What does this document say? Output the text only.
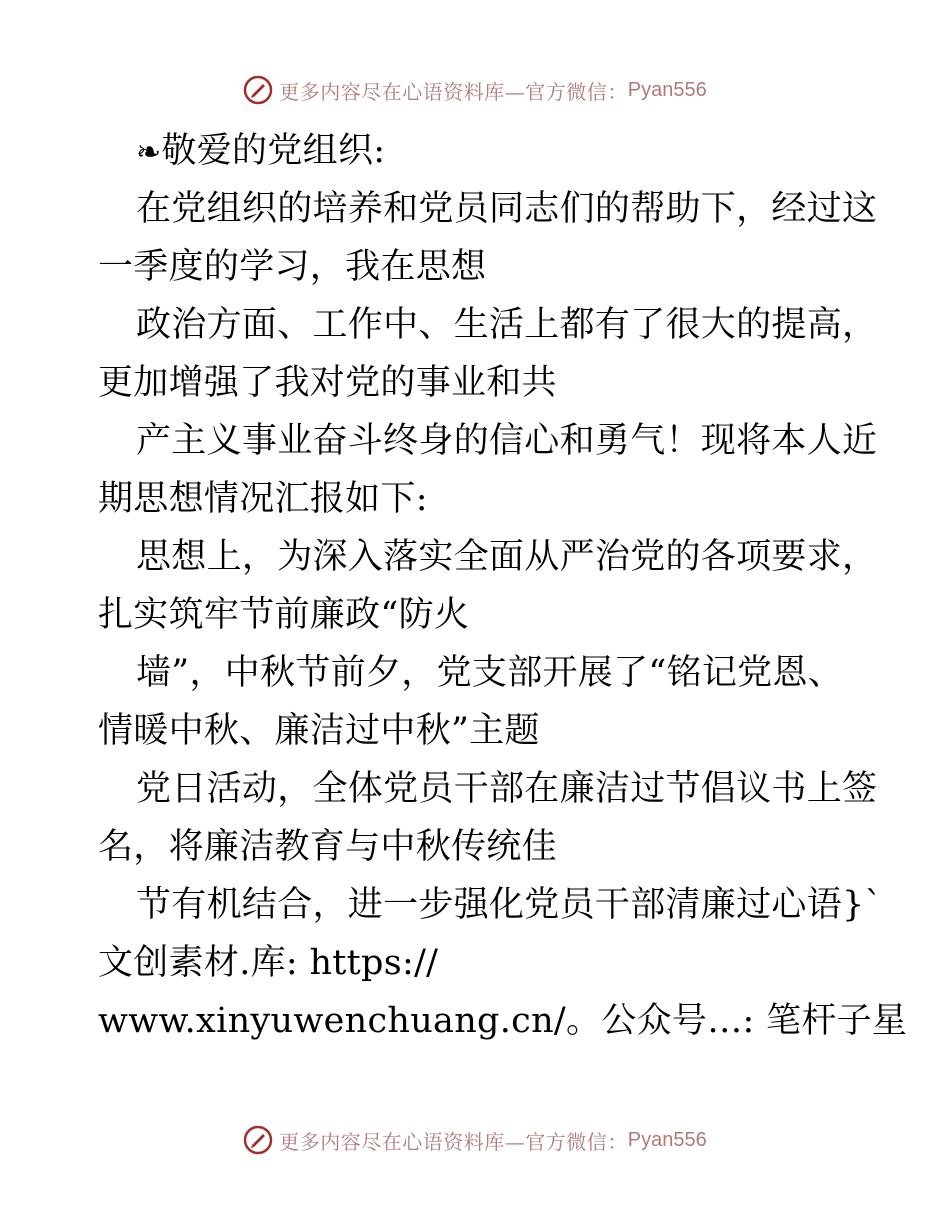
更多内容尽在心语资料库—官方微信： Pyan556
❧敬爱的党组织:
在党组织的培养和党员同志们的帮助下，经过这
一季度的学习，我在思想
政治方面、工作中、生活上都有了很大的提高，
更加增强了我对党的事业和共
产主义事业奋斗终身的信心和勇气！现将本人近
期思想情况汇报如下:
思想上，为深入落实全面从严治党的各项要求，
扎实筑牢节前廉政“防火
墙”，中秋节前夕，党支部开展了“铭记党恩、
情暖中秋、廉洁过中秋”主题
党日活动，全体党员干部在廉洁过节倡议书上签
名，将廉洁教育与中秋传统佳
节有机结合，进一步强化党员干部清廉过心语}`
文创素材.库: https://
www.xinyuwenchuang.cn/。公众号…: 笔杆子星
更多内容尽在心语资料库—官方微信： Pyan556
